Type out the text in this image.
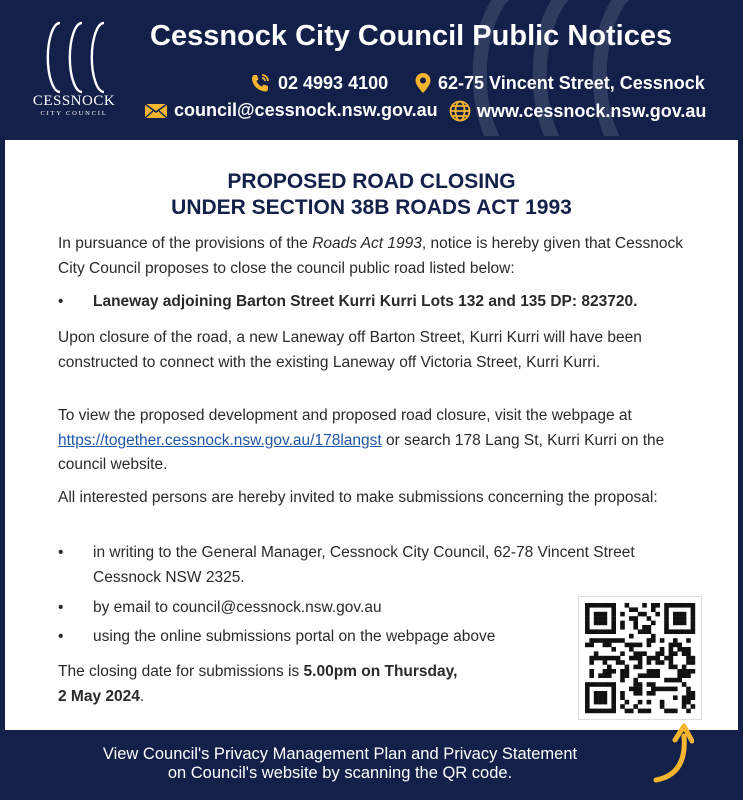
CESSNOCK
CITY COUNCIL
Cessnock City Council Public Notices
02 4993 4100	62-75 Vincent Street, Cessnock
council@cessnock.nsw.gov.au www.cessnock.nsw.gov.au
PROPOSED ROAD CLOSING
UNDER SECTION 38B ROADS ACT 1993
In pursuance of the provisions of the Roads Act 1993, notice is hereby given that Cessnock City Council proposes to close the council public road listed below:
•	Laneway adjoining Barton Street Kurri Kurri Lots 132 and 135 DP: 823720.
Upon closure of the road, a new Laneway off Barton Street, Kurri Kurri will have been constructed to connect with the existing Laneway off Victoria Street, Kurri Kurri.
To view the proposed development and proposed road closure, visit the webpage at https://together.cessnock.nsw.gov.au/178langst or search 178 Lang St, Kurri Kurri on the council website.
All interested persons are hereby invited to make submissions concerning the proposal:
•	in writing to the General Manager, Cessnock City Council, 62-78 Vincent Street Cessnock NSW 2325.
•	by email to council@cessnock.nsw.gov.au
•	using the online submissions portal on the webpage above
The closing date for submissions is 5.00pm on Thursday,
2 May 2024.
View Council's Privacy Management Plan and Privacy Statement
on Council's website by scanning the QR code.
